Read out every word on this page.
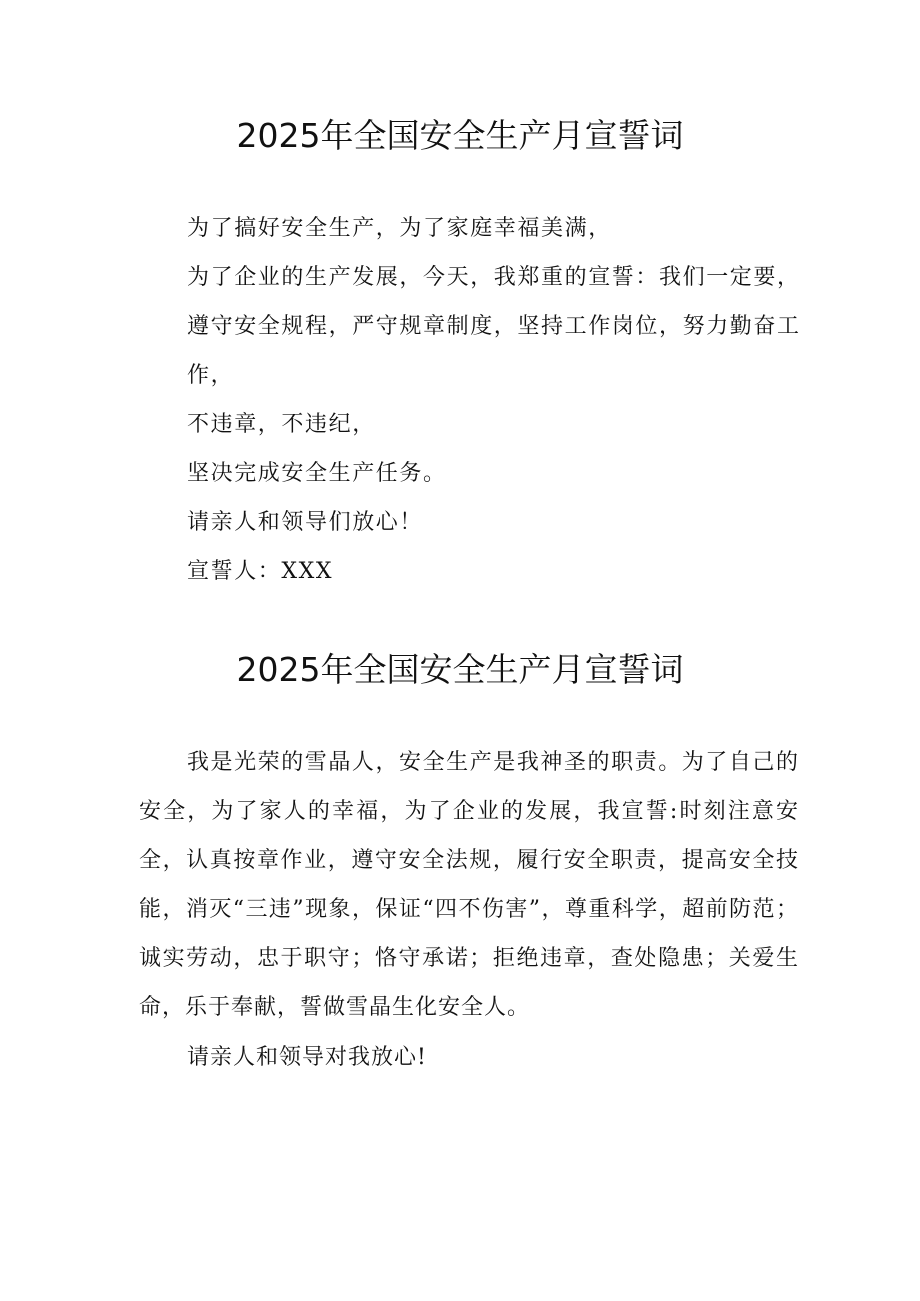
2025年全国安全生产月宣誓词
为了搞好安全生产，为了家庭幸福美满，
为了企业的生产发展，今天，我郑重的宣誓：我们一定要，
遵守安全规程，严守规章制度，坚持工作岗位，努力勤奋工
作，
不违章，不违纪，
坚决完成安全生产任务。
请亲人和领导们放心！
宣誓人：XXX
2025年全国安全生产月宣誓词

我是光荣的雪晶人，安全生产是我神圣的职责。为了自己的安全，为了家人的幸福，为了企业的发展，我宣誓:时刻注意安全，认真按章作业，遵守安全法规，履行安全职责，提高安全技能，消灭“三违”现象，保证“四不伤害”，尊重科学，超前防范；诚实劳动，忠于职守；恪守承诺；拒绝违章，查处隐患；关爱生命，乐于奉献，誓做雪晶生化安全人。

请亲人和领导对我放心!
